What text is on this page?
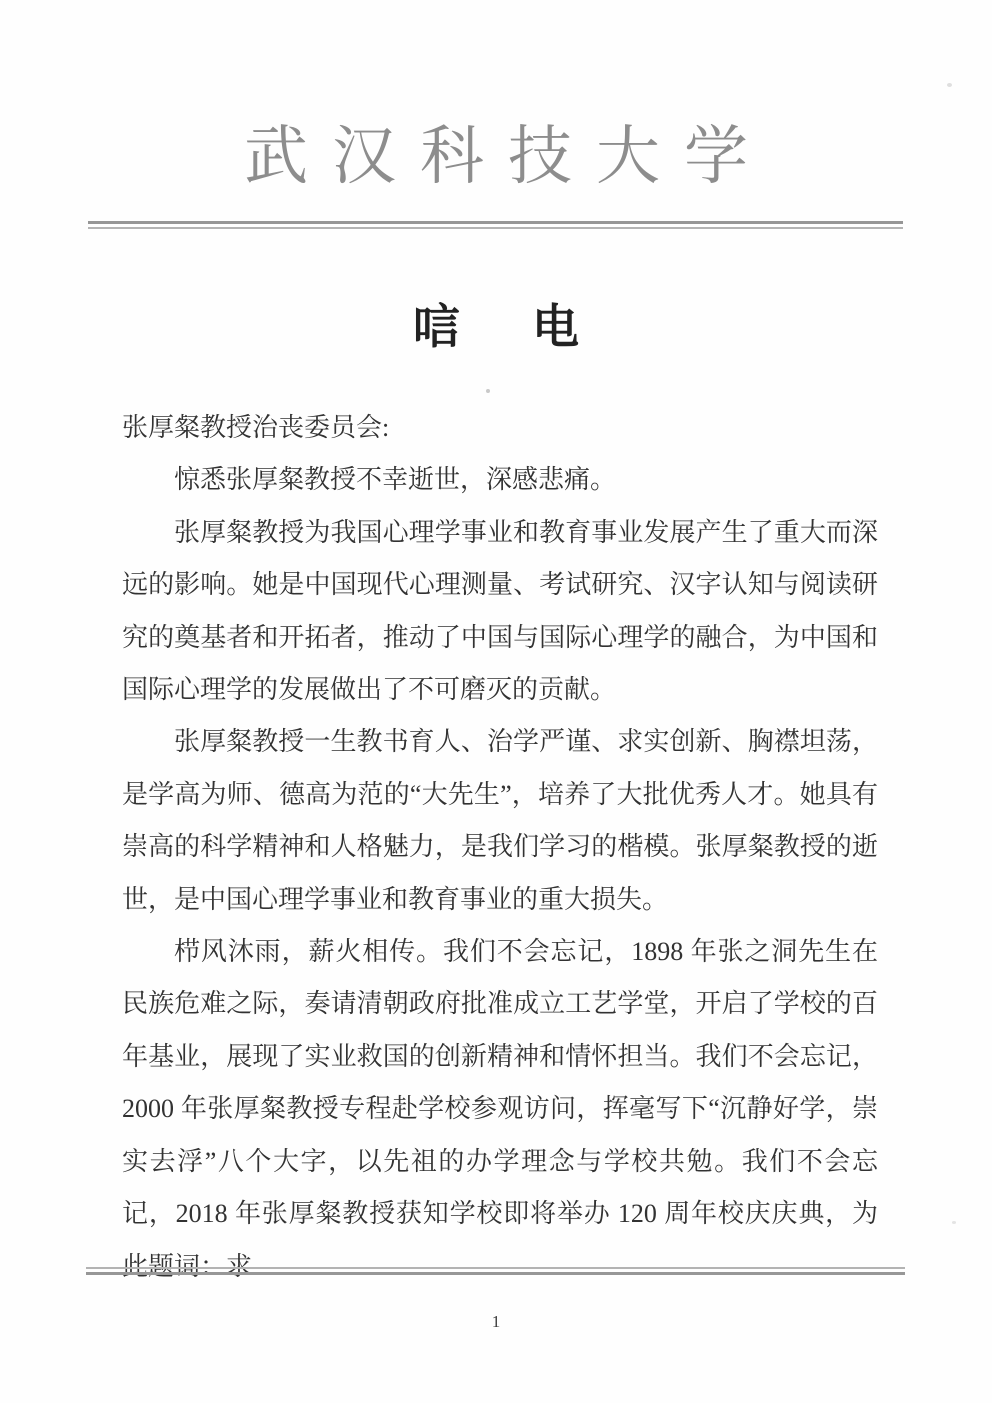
武汉科技大学
唁 电

张厚粲教授治丧委员会:

惊悉张厚粲教授不幸逝世，深感悲痛。

张厚粲教授为我国心理学事业和教育事业发展产生了重大而深远的影响。她是中国现代心理测量、考试研究、汉字认知与阅读研究的奠基者和开拓者，推动了中国与国际心理学的融合，为中国和国际心理学的发展做出了不可磨灭的贡献。

张厚粲教授一生教书育人、治学严谨、求实创新、胸襟坦荡，是学高为师、德高为范的“大先生”，培养了大批优秀人才。她具有崇高的科学精神和人格魅力，是我们学习的楷模。张厚粲教授的逝世，是中国心理学事业和教育事业的重大损失。

栉风沐雨，薪火相传。我们不会忘记，1898 年张之洞先生在民族危难之际，奏请清朝政府批准成立工艺学堂，开启了学校的百年基业，展现了实业救国的创新精神和情怀担当。我们不会忘记，2000 年张厚粲教授专程赴学校参观访问，挥毫写下“沉静好学，崇实去浮”八个大字，以先祖的办学理念与学校共勉。我们不会忘记，2018 年张厚粲教授获知学校即将举办 120 周年校庆庆典，为此题词：求

1
